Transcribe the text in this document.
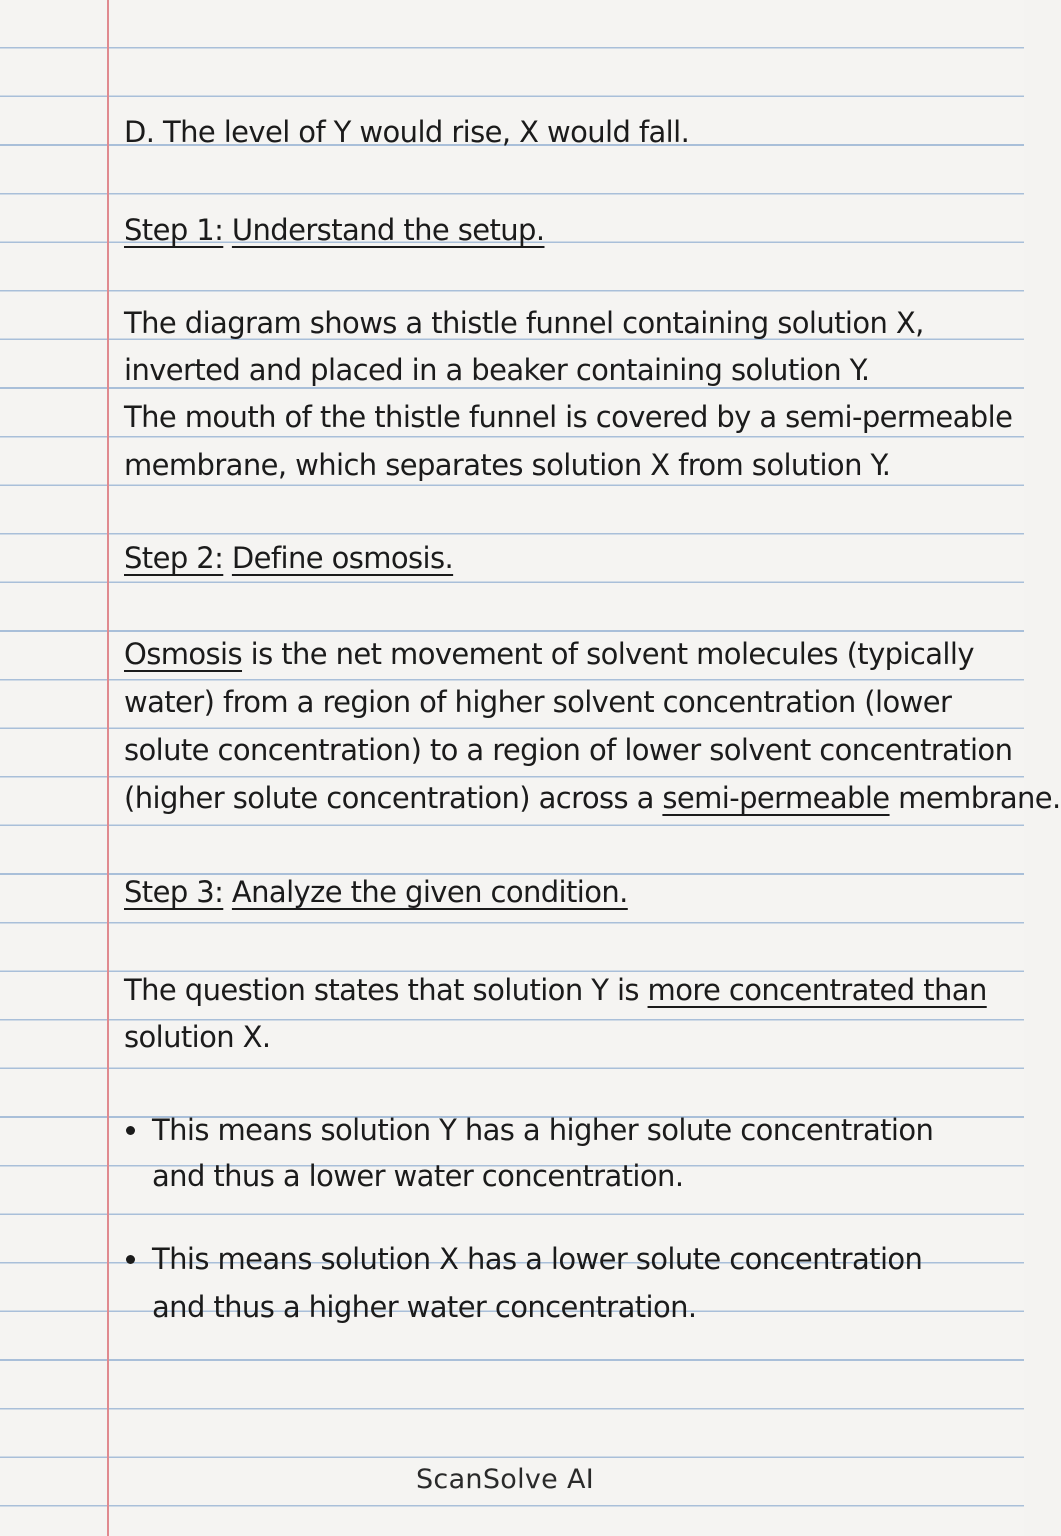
D. The level of Y would rise, X would fall.
Step 1: Understand the setup.
The diagram shows a thistle funnel containing solution X,
inverted and placed in a beaker containing solution Y.
The mouth of the thistle funnel is covered by a semi-permeable
membrane, which separates solution X from solution Y.
Step 2: Define osmosis.
Osmosis is the net movement of solvent molecules (typically
water) from a region of higher solvent concentration (lower
solute concentration) to a region of lower solvent concentration
(higher solute concentration) across a semi-permeable membrane.
Step 3: Analyze the given condition.
The question states that solution Y is more concentrated than
solution X.
This means solution Y has a higher solute concentration
and thus a lower water concentration.
This means solution X has a lower solute concentration
and thus a higher water concentration.
ScanSolve AI
